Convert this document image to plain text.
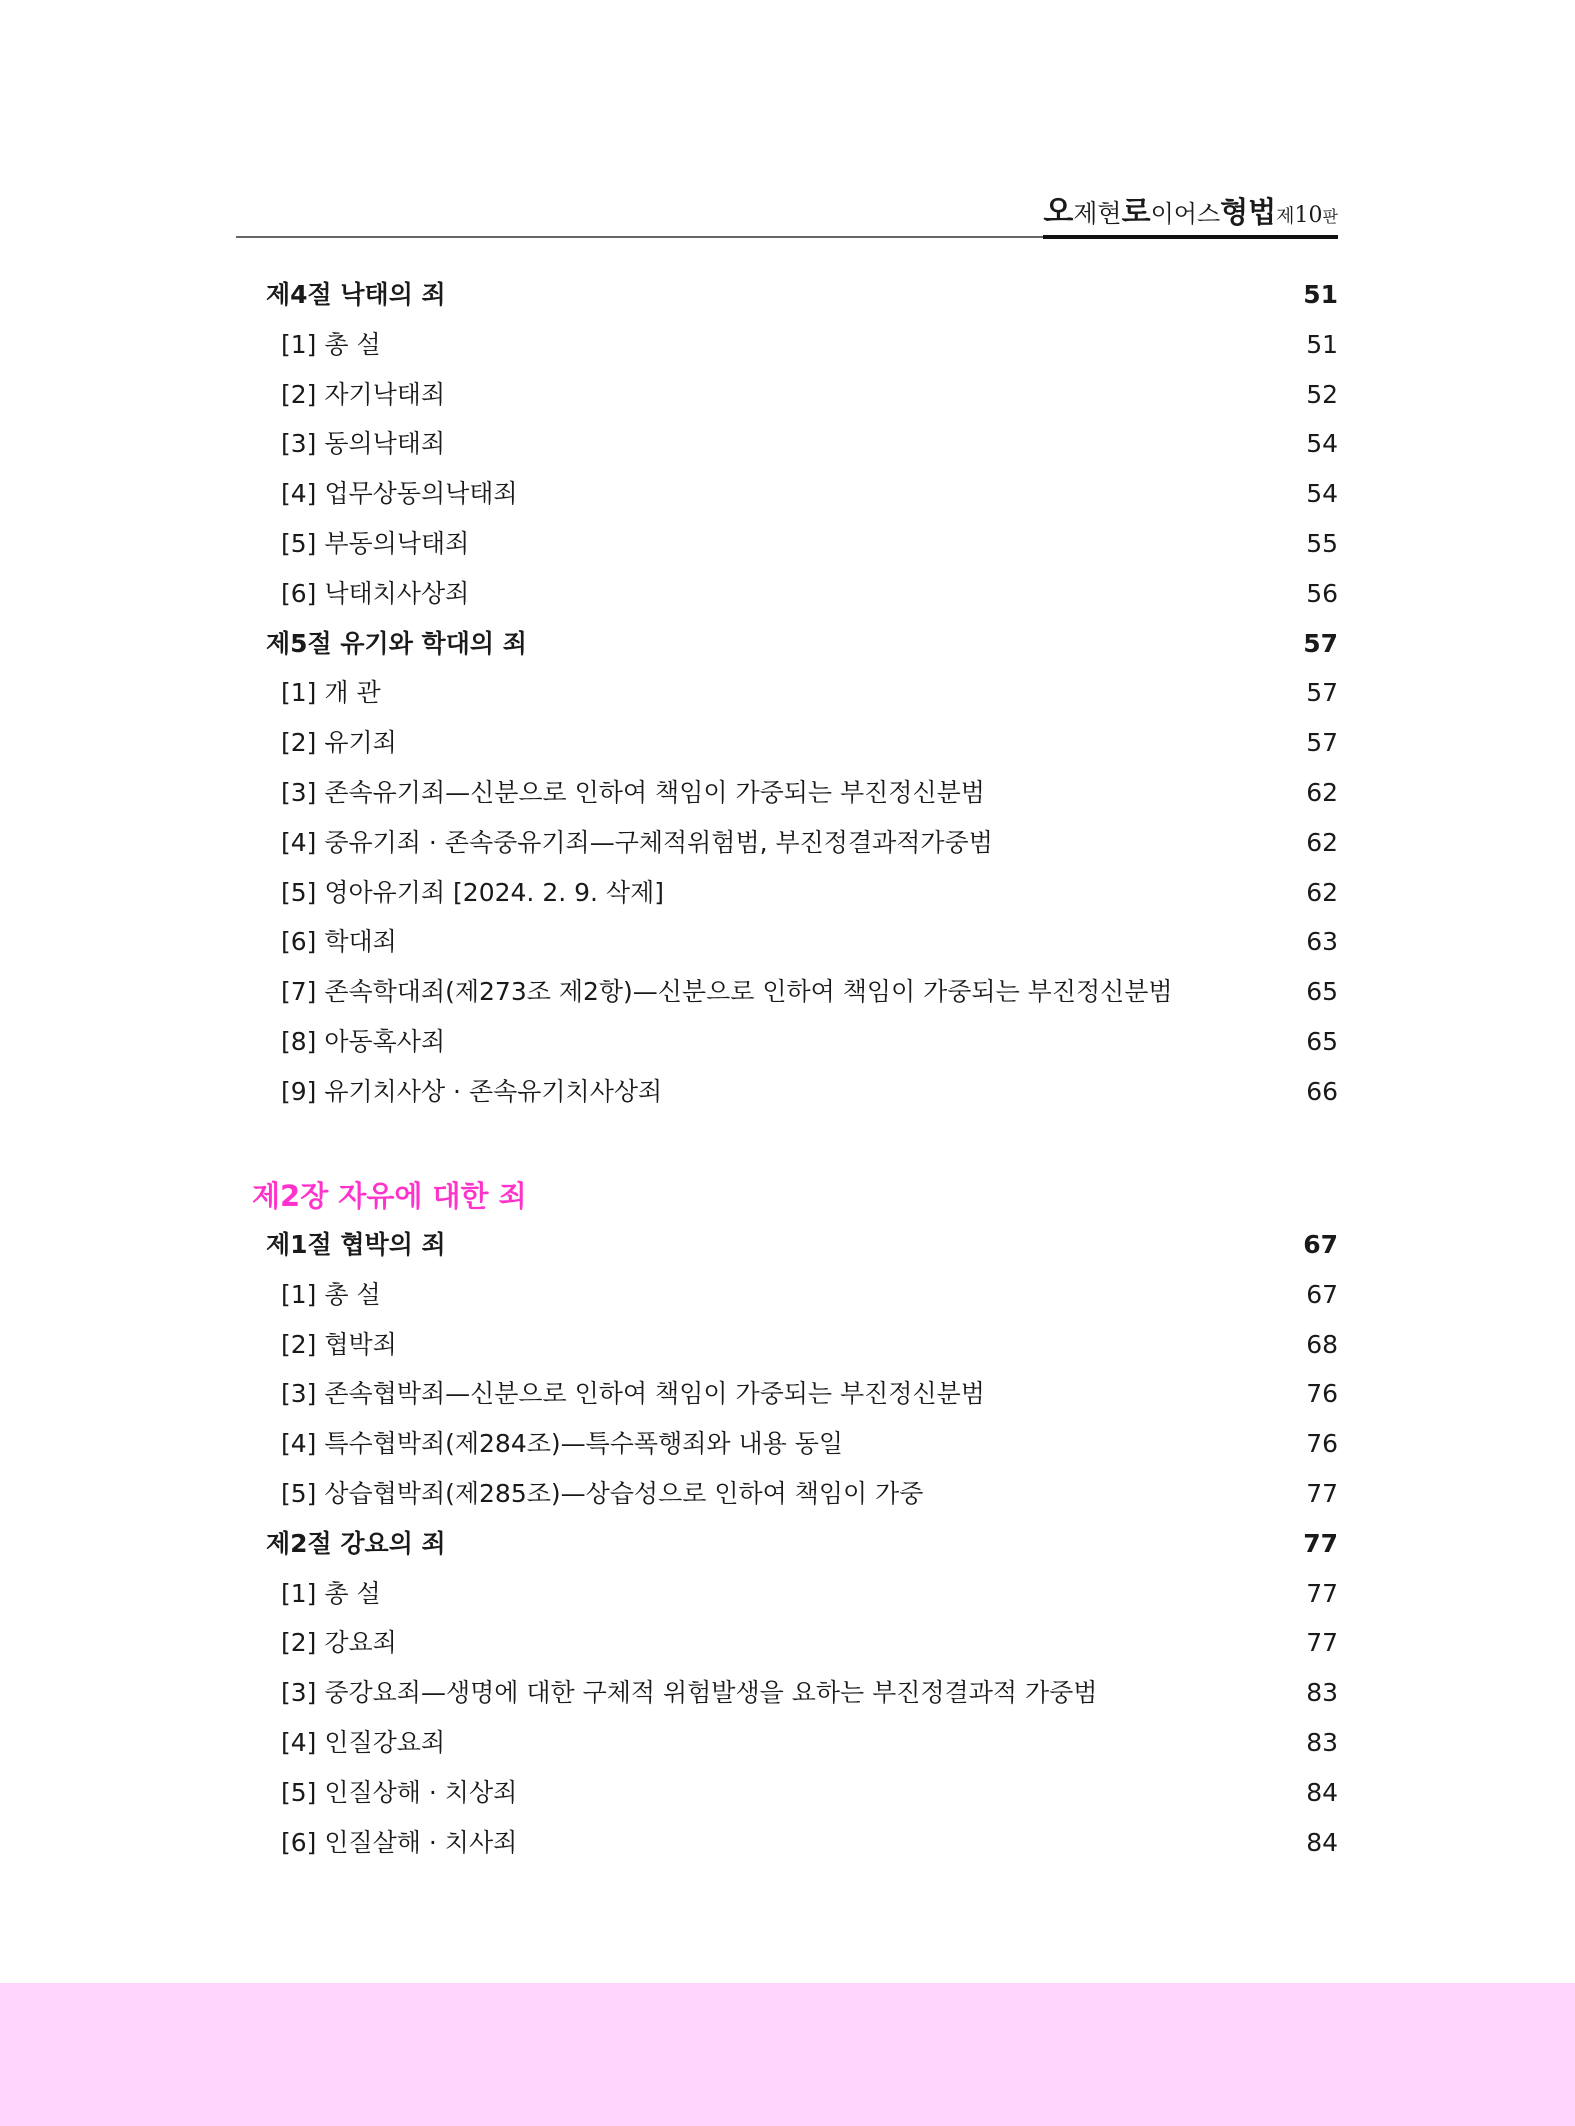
오제현로이어스형법제10판
제4절 낙태의 죄	51
[1] 총 설	51
[2] 자기낙태죄	52
[3] 동의낙태죄	54
[4] 업무상동의낙태죄	54
[5] 부동의낙태죄	55
[6] 낙태치사상죄	56
제5절 유기와 학대의 죄	57
[1] 개 관	57
[2] 유기죄	57
[3] 존속유기죄—신분으로 인하여 책임이 가중되는 부진정신분범	62
[4] 중유기죄 · 존속중유기죄—구체적위험범, 부진정결과적가중범	62
[5] 영아유기죄 [2024. 2. 9. 삭제]	62
[6] 학대죄	63
[7] 존속학대죄(제273조 제2항)—신분으로 인하여 책임이 가중되는 부진정신분범	65
[8] 아동혹사죄	65
[9] 유기치사상 · 존속유기치사상죄	66
제1절 협박의 죄	67
[1] 총 설	67
[2] 협박죄	68
[3] 존속협박죄—신분으로 인하여 책임이 가중되는 부진정신분범	76
[4] 특수협박죄(제284조)—특수폭행죄와 내용 동일	76
[5] 상습협박죄(제285조)—상습성으로 인하여 책임이 가중	77
제2절 강요의 죄	77
[1] 총 설	77
[2] 강요죄	77
[3] 중강요죄—생명에 대한 구체적 위험발생을 요하는 부진정결과적 가중범	83
[4] 인질강요죄	83
[5] 인질상해 · 치상죄	84
[6] 인질살해 · 치사죄	84
제2장 자유에 대한 죄
